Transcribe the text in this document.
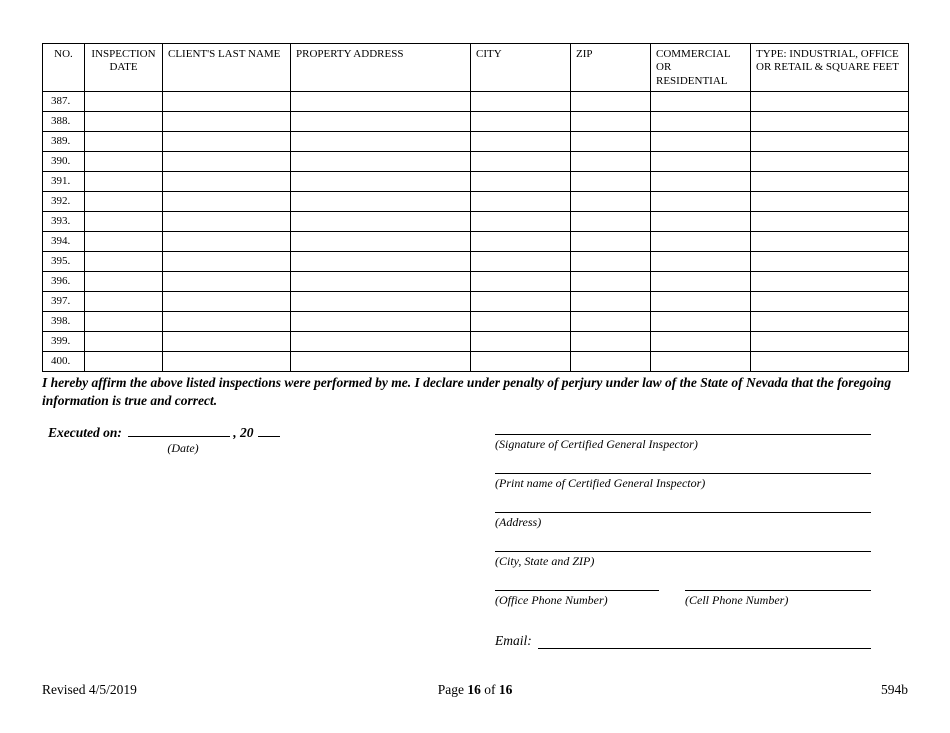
NO.	INSPECTION DATE	CLIENT'S LAST NAME	PROPERTY ADDRESS	CITY	ZIP	COMMERCIAL OR RESIDENTIAL	TYPE: INDUSTRIAL, OFFICE OR RETAIL & SQUARE FEET
387.							
388.							
389.							
390.							
391.							
392.							
393.							
394.							
395.							
396.							
397.							
398.							
399.							
400.							

I hereby affirm the above listed inspections were performed by me. I declare under penalty of perjury under law of the State of Nevada that the foregoing information is true and correct.

Executed on:	, 20
(Date)	(Signature of Certified General Inspector)
(Print name of Certified General Inspector)
(Address)
(City, State and ZIP)
(Office Phone Number)	(Cell Phone Number)
Email:
Revised 4/5/2019	Page 16 of 16	594b
